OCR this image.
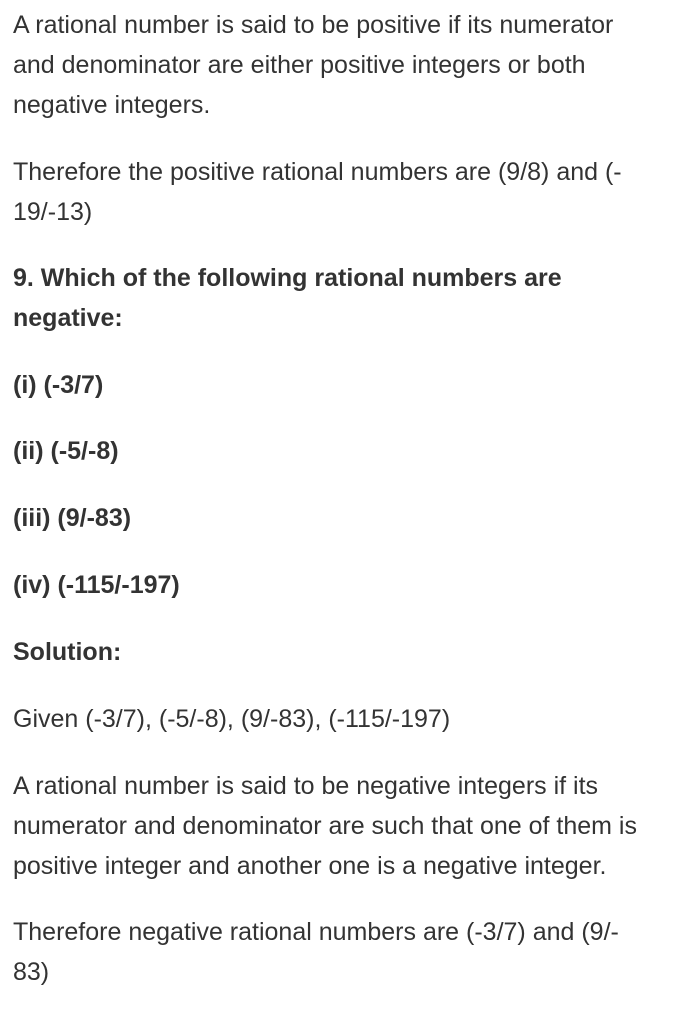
A rational number is said to be positive if its numerator
and denominator are either positive integers or both
negative integers.

Therefore the positive rational numbers are (9/8) and (-
19/-13)

9. Which of the following rational numbers are
negative:

(i) (-3/7)

(ii) (-5/-8)

(iii) (9/-83)

(iv) (-115/-197)

Solution:

Given (-3/7), (-5/-8), (9/-83), (-115/-197)

A rational number is said to be negative integers if its
numerator and denominator are such that one of them is
positive integer and another one is a negative integer.

Therefore negative rational numbers are (-3/7) and (9/-
83)
